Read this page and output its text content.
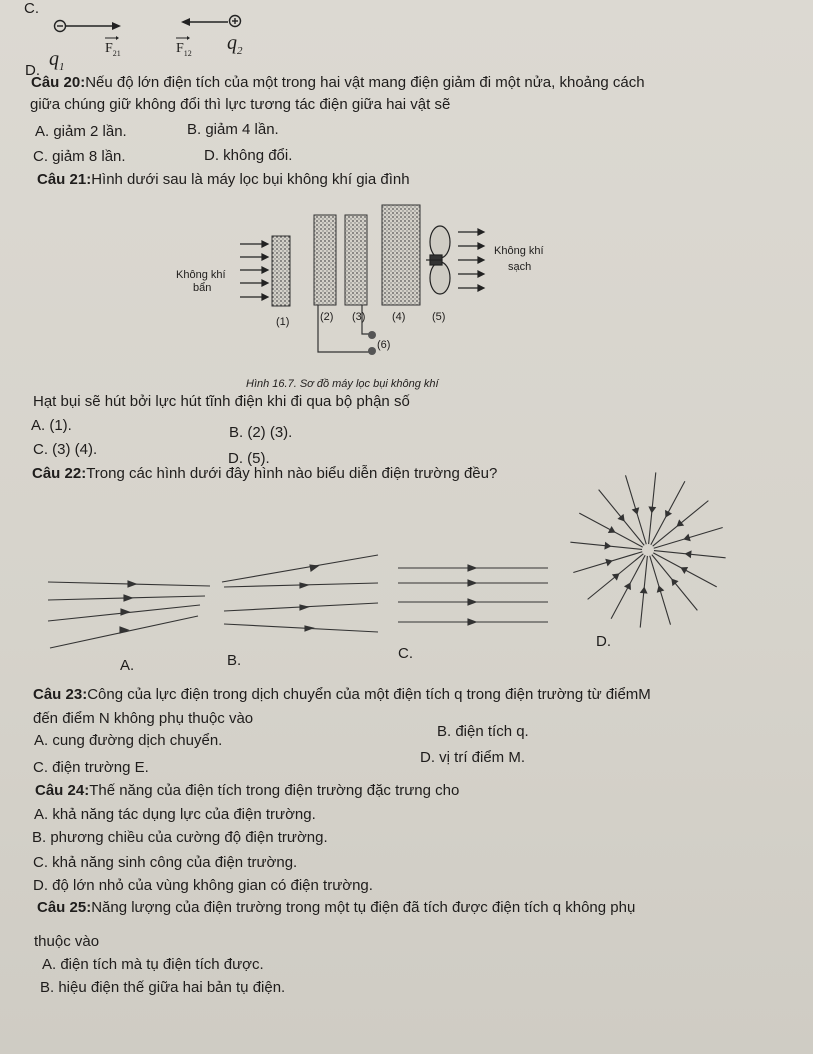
C.
D.
$q_1$
$F_{21}$	$F_{12}$ $q_2$
Câu 20:Nếu độ lớn điện tích của một trong hai vật mang điện giảm đi một nửa, khoảng cách
giữa chúng giữ không đổi thì lực tương tác điện giữa hai vật sẽ
A. giảm 2 lần.	B. giảm 4 lần.
C. giảm 8 lần.	D. không đổi.
Câu 21:Hình dưới sau là máy lọc bụi không khí gia đình
Không khí
bẩn
Không khí
sạch
(1)	(2) (3) (4) (5)
(6)
Hình 16.7. Sơ đồ máy lọc bụi không khí
Hạt bụi sẽ hút bởi lực hút tĩnh điện khi đi qua bộ phận số
A. (1).	B. (2) (3).
C. (3) (4).
D. (5).
Câu 22:Trong các hình dưới đây hình nào biểu diễn điện trường đều?
A.	B.	C.
D.
Câu 23:Công của lực điện trong dịch chuyển của một điện tích q trong điện trường từ điểmM
đến điểm N không phụ thuộc vào
A. cung đường dịch chuyển.
B. điện tích q.
C. điện trường E.
D. vị trí điểm M.
Câu 24:Thế năng của điện tích trong điện trường đặc trưng cho
A. khả năng tác dụng lực của điện trường.
B. phương chiều của cường độ điện trường.
C. khả năng sinh công của điện trường.
D. độ lớn nhỏ của vùng không gian có điện trường.
Câu 25:Năng lượng của điện trường trong một tụ điện đã tích được điện tích q không phụ
thuộc vào
A. điện tích mà tụ điện tích được.
B. hiệu điện thế giữa hai bản tụ điện.
